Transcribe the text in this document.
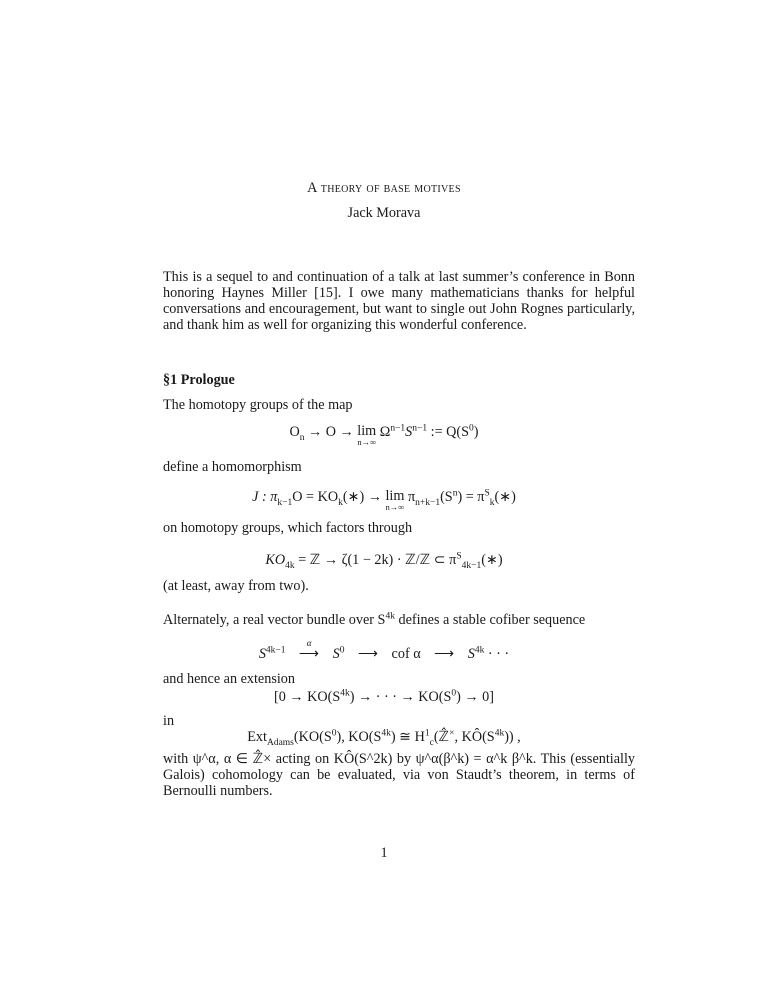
A theory of base motives
Jack Morava
This is a sequel to and continuation of a talk at last summer’s conference in Bonn honoring Haynes Miller [15]. I owe many mathematicians thanks for helpful conversations and encouragement, but want to single out John Rognes particularly, and thank him as well for organizing this wonderful conference.
§1 Prologue
The homotopy groups of the map
$O_n \to O \to \lim$
n→∞
$\Omega^{n-1}S^{n-1}$ := $Q(S^0)$
define a homomorphism
J : $\pi_{k-1}O$ = $KO_k(∗) \to \lim$
n→∞
$\pi_{n+k-1}(S^n)$ = $\pi^S_k(∗)$
on homotopy groups, which factors through
$KO_{4k}$ = ℤ → ζ(1 − 2k) · ℤ/ℤ ⊂ $\pi^S_{4k-1}(∗)$
(at least, away from two).
Alternately, a real vector bundle over $S^{4k}$ defines a stable cofiber sequence
$S^{4k-1}$
α
⟶ $S^0$ ⟶ cof α ⟶ $S^{4k}$ · · ·
and hence an extension
[$0 \to KO(S^{4k})$ → · · · → $KO(S^0) \to 0$]
in
$Ext_{Adams}(KO(S^0)$, $KO(S^{4k})$ ≅ $H^1_c(ℤ̂^\times$, $KÔ(S^{4k})$) ,
with ψ^α, α ∈ ℤ̂× acting on KÔ(S^2k) by ψ^α(β^k) = α^k β^k. This (essentially Galois) cohomology can be evaluated, via von Staudt’s theorem, in terms of Bernoulli numbers.
1
